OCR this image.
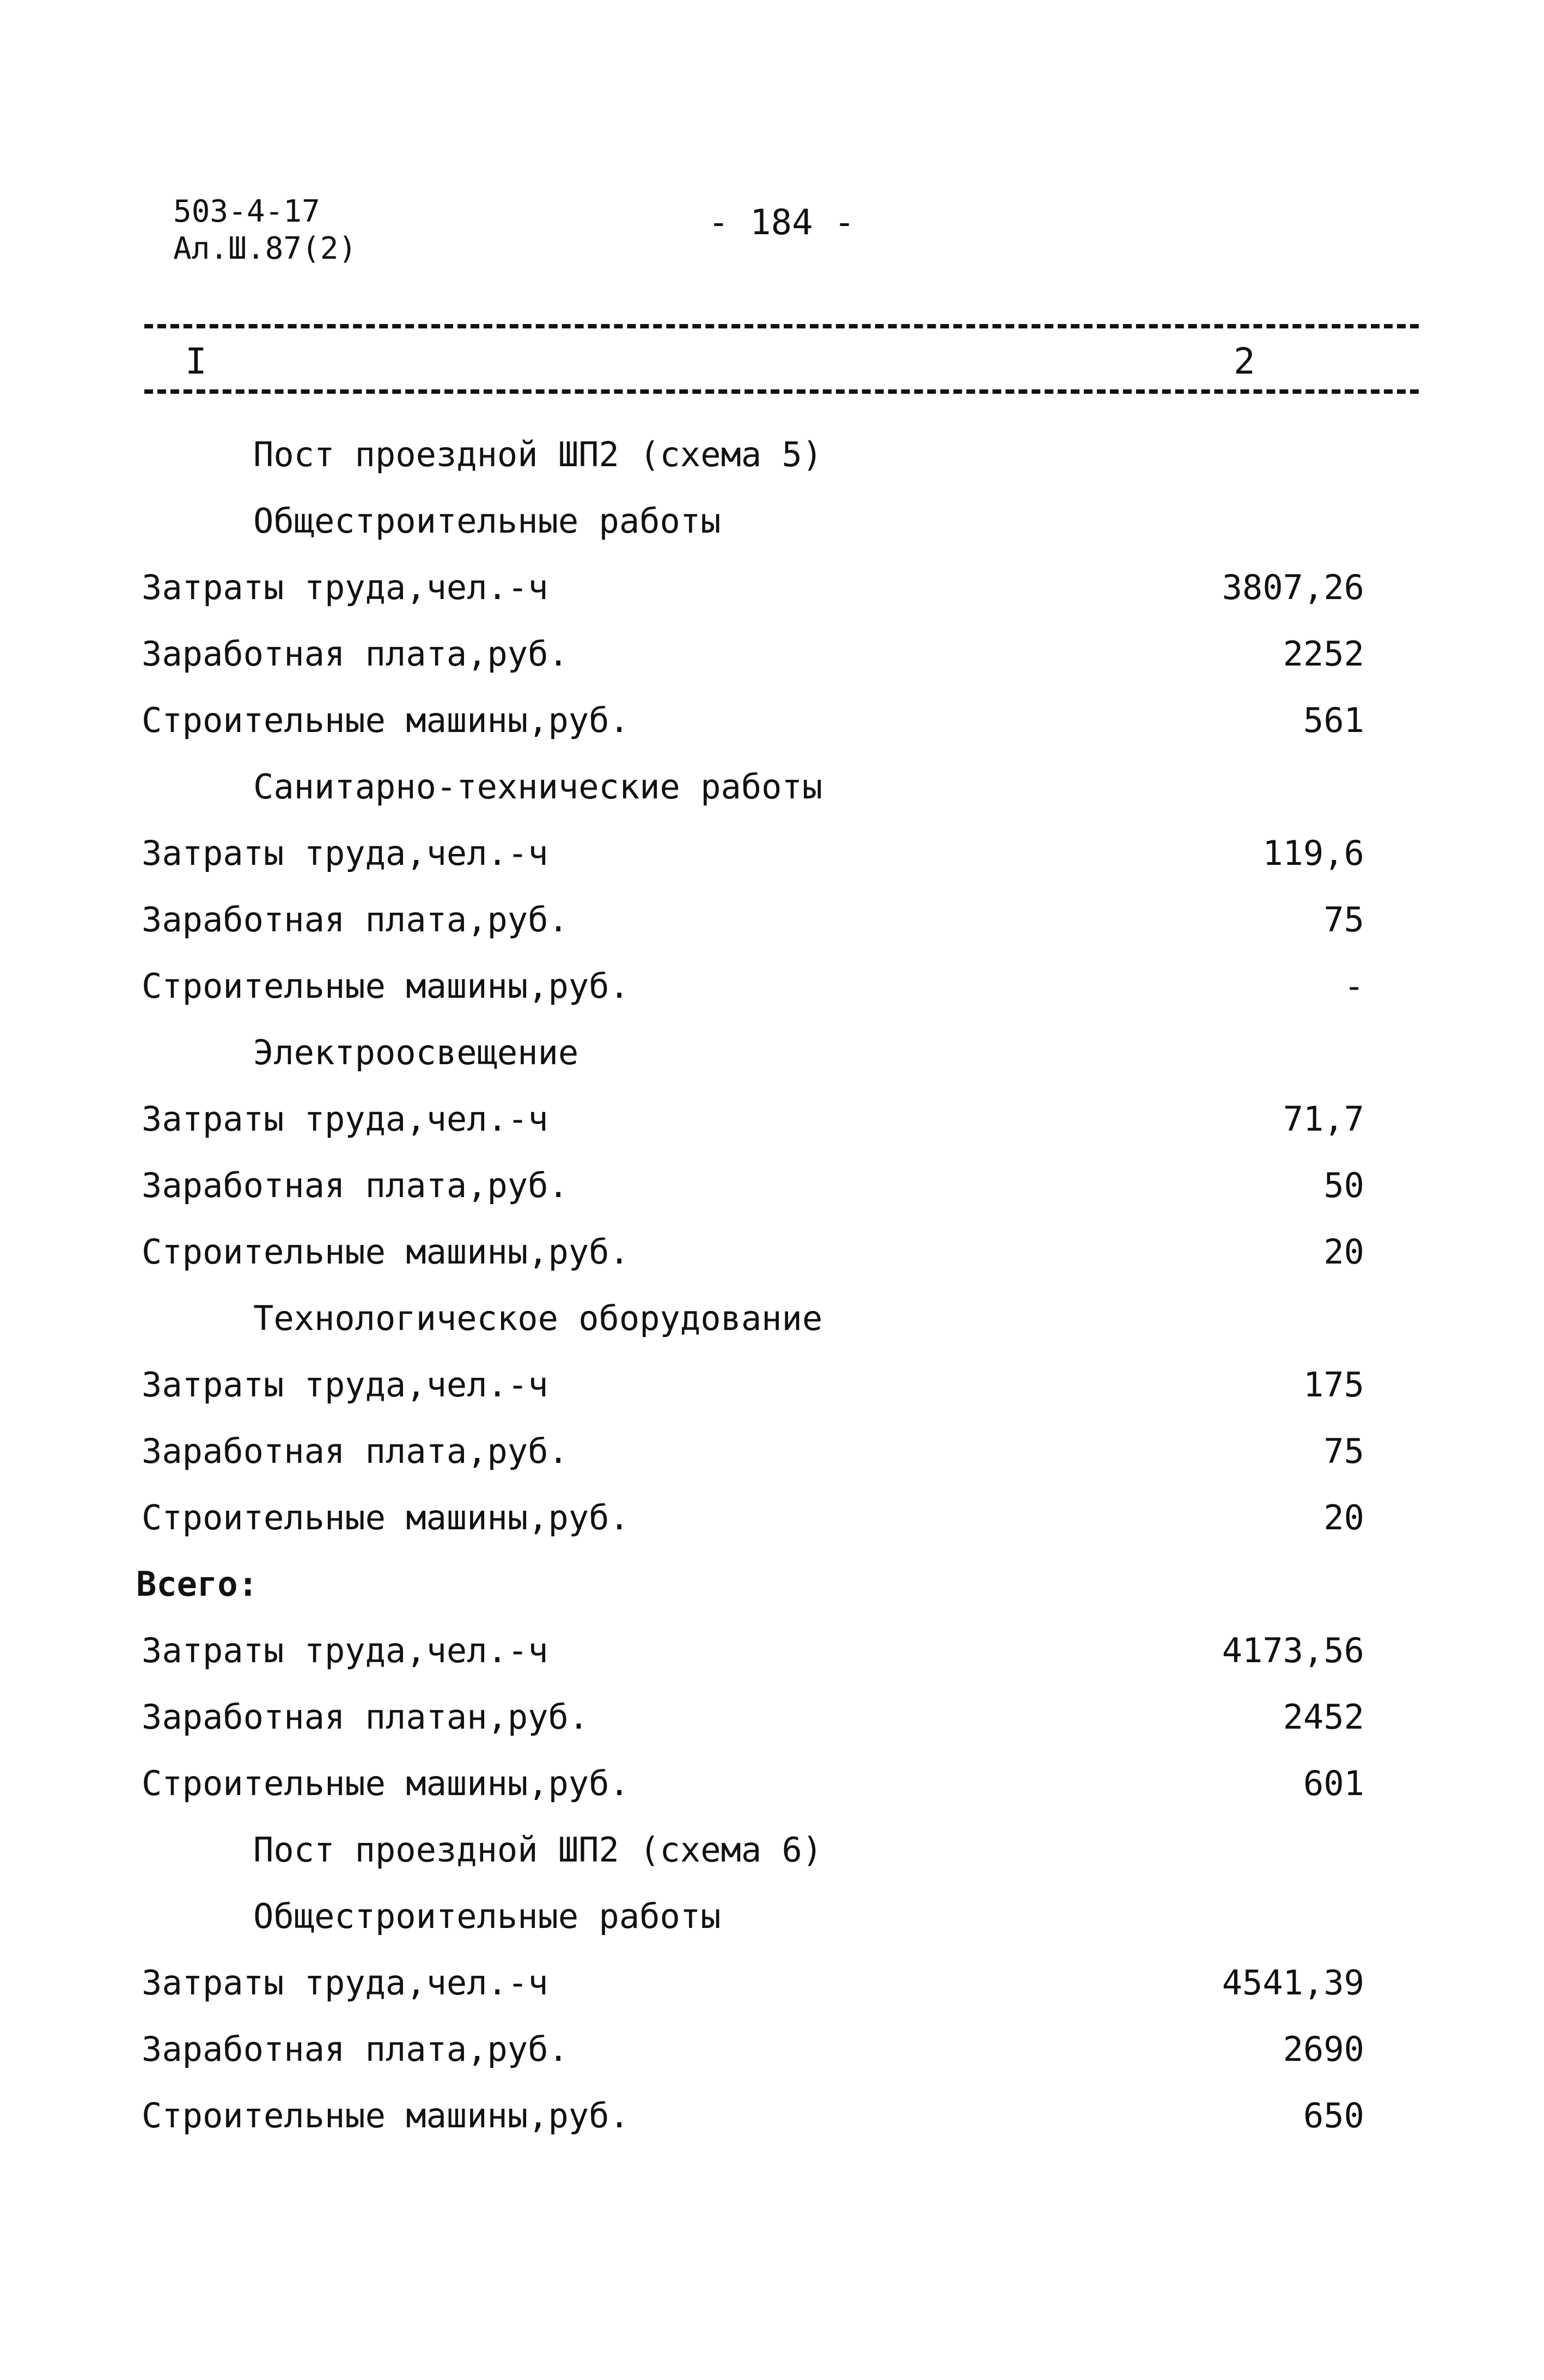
503-4-17
Ал.Ш.87(2)
- 184 -
I	2
Пост проездной ШП2 (схема 5)
Общестроительные работы
Затраты труда,чел.-ч	3807,26
Заработная плата,руб.	2252
Строительные машины,руб.	561
Санитарно-технические работы
Затраты труда,чел.-ч	119,6
Заработная плата,руб.	75
Строительные машины,руб.	-
Электроосвещение
Затраты труда,чел.-ч	71,7
Заработная плата,руб.	50
Строительные машины,руб.	20
Технологическое оборудование
Затраты труда,чел.-ч	175
Заработная плата,руб.	75
Строительные машины,руб.	20
Всего:
Затраты труда,чел.-ч	4173,56
Заработная платан,руб.	2452
Строительные машины,руб.	601
Пост проездной ШП2 (схема 6)
Общестроительные работы
Затраты труда,чел.-ч	4541,39
Заработная плата,руб.	2690
Строительные машины,руб.	650
